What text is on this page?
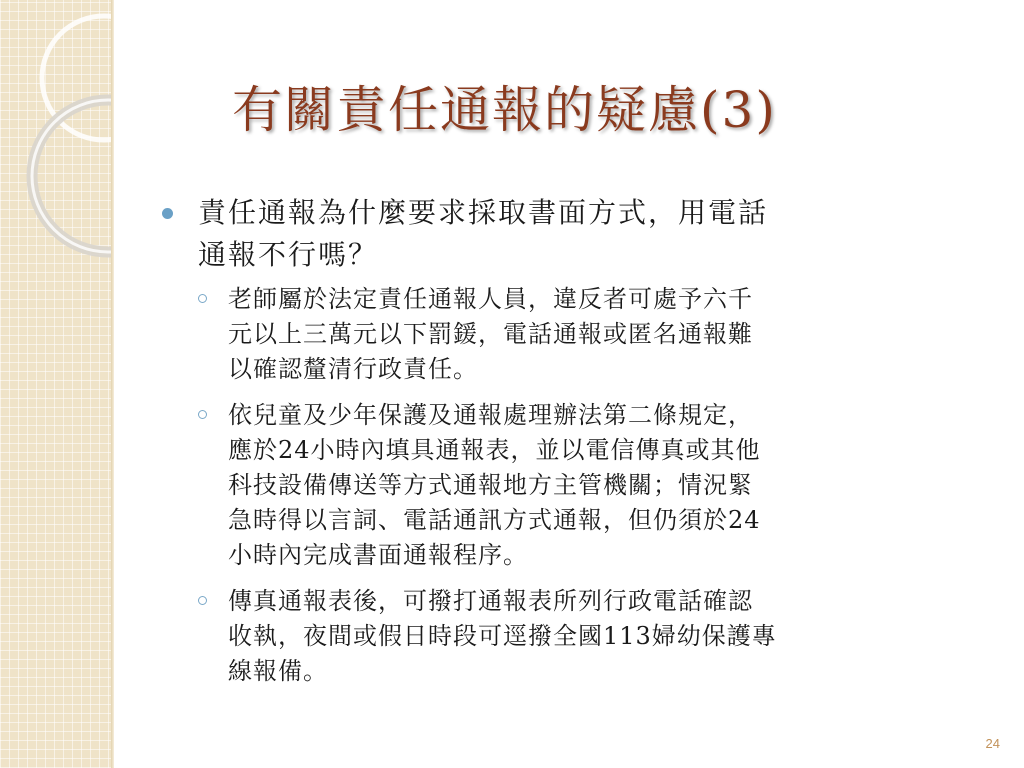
有關責任通報的疑慮(3)
責任通報為什麼要求採取書面方式，用電話
通報不行嗎？
老師屬於法定責任通報人員，違反者可處予六千
元以上三萬元以下罰鍰，電話通報或匿名通報難
以確認釐清行政責任。
依兒童及少年保護及通報處理辦法第二條規定，
應於24小時內填具通報表，並以電信傳真或其他
科技設備傳送等方式通報地方主管機關；情況緊
急時得以言詞、電話通訊方式通報，但仍須於24
小時內完成書面通報程序。
傳真通報表後，可撥打通報表所列行政電話確認
收執，夜間或假日時段可逕撥全國113婦幼保護專
線報備。
24
